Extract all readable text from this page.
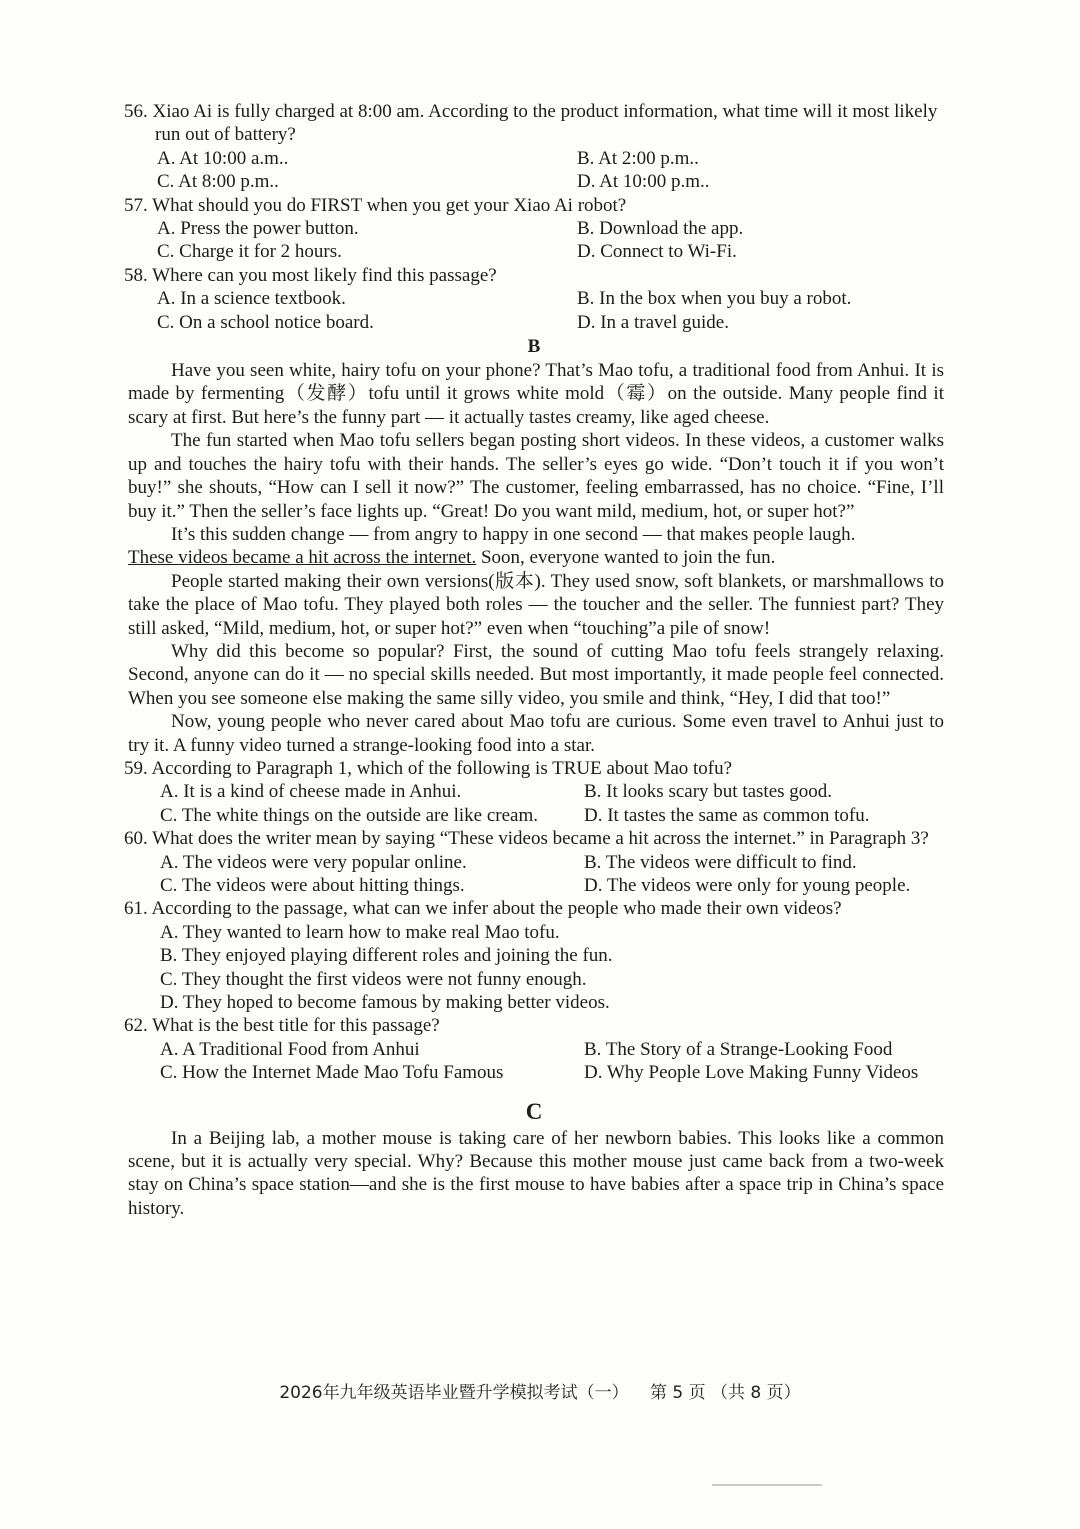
56. Xiao Ai is fully charged at 8:00 am. According to the product information, what time will it most likely run out of battery?

A. At 10:00 a.m..	B. At 2:00 p.m..

C. At 8:00 p.m..	D. At 10:00 p.m..

57. What should you do FIRST when you get your Xiao Ai robot?

A. Press the power button.	B. Download the app.

C. Charge it for 2 hours.	D. Connect to Wi-Fi.

58. Where can you most likely find this passage?

A. In a science textbook.	B. In the box when you buy a robot.

C. On a school notice board.	D. In a travel guide.

B

Have you seen white, hairy tofu on your phone? That’s Mao tofu, a traditional food from Anhui. It is made by fermenting（发酵）tofu until it grows white mold（霉）on the outside. Many people find it scary at first. But here’s the funny part — it actually tastes creamy, like aged cheese.

The fun started when Mao tofu sellers began posting short videos. In these videos, a customer walks up and touches the hairy tofu with their hands. The seller’s eyes go wide. “Don’t touch it if you won’t buy!” she shouts, “How can I sell it now?” The customer, feeling embarrassed, has no choice. “Fine, I’ll buy it.” Then the seller’s face lights up. “Great! Do you want mild, medium, hot, or super hot?”

It’s this sudden change — from angry to happy in one second — that makes people laugh.
These videos became a hit across the internet. Soon, everyone wanted to join the fun.

People started making their own versions(版本). They used snow, soft blankets, or marshmallows to take the place of Mao tofu. They played both roles — the toucher and the seller. The funniest part? They still asked, “Mild, medium, hot, or super hot?” even when “touching”a pile of snow!

Why did this become so popular? First, the sound of cutting Mao tofu feels strangely relaxing. Second, anyone can do it — no special skills needed. But most importantly, it made people feel connected. When you see someone else making the same silly video, you smile and think, “Hey, I did that too!”

Now, young people who never cared about Mao tofu are curious. Some even travel to Anhui just to try it. A funny video turned a strange-looking food into a star.

59. According to Paragraph 1, which of the following is TRUE about Mao tofu?

A. It is a kind of cheese made in Anhui.	B. It looks scary but tastes good.

C. The white things on the outside are like cream.	D. It tastes the same as common tofu.

60. What does the writer mean by saying “These videos became a hit across the internet.” in Paragraph 3?

A. The videos were very popular online.	B. The videos were difficult to find.

C. The videos were about hitting things.	D. The videos were only for young people.

61. According to the passage, what can we infer about the people who made their own videos?

A. They wanted to learn how to make real Mao tofu.

B. They enjoyed playing different roles and joining the fun.

C. They thought the first videos were not funny enough.

D. They hoped to become famous by making better videos.

62. What is the best title for this passage?

A. A Traditional Food from Anhui	B. The Story of a Strange-Looking Food

C. How the Internet Made Mao Tofu Famous	D. Why People Love Making Funny Videos

C

In a Beijing lab, a mother mouse is taking care of her newborn babies. This looks like a common scene, but it is actually very special. Why? Because this mother mouse just came back from a two-week stay on China’s space station—and she is the first mouse to have babies after a space trip in China’s space history.

2026年九年级英语毕业暨升学模拟考试（一） 第 5 页 （共 8 页）
